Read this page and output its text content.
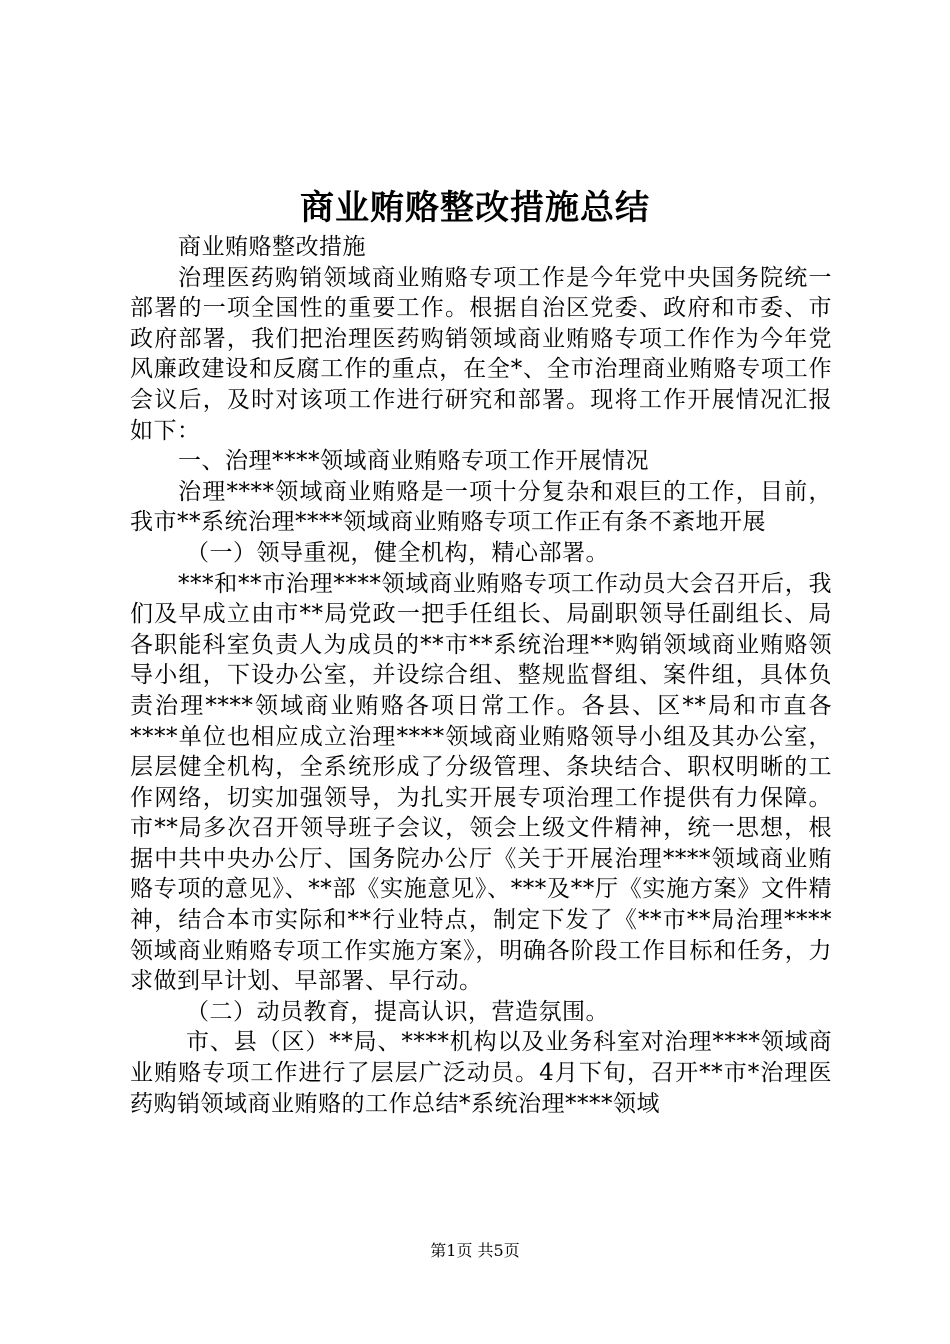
商业贿赂整改措施总结

商业贿赂整改措施

治理医药购销领域商业贿赂专项工作是今年党中央国务院统一部署的一项全国性的重要工作。根据自治区党委、政府和市委、市政府部署，我们把治理医药购销领域商业贿赂专项工作作为今年党风廉政建设和反腐工作的重点，在全*、全市治理商业贿赂专项工作会议后，及时对该项工作进行研究和部署。现将工作开展情况汇报如下：

一、治理****领域商业贿赂专项工作开展情况

治理****领域商业贿赂是一项十分复杂和艰巨的工作，目前，我市**系统治理****领域商业贿赂专项工作正有条不紊地开展

（一）领导重视，健全机构，精心部署。

***和**市治理****领域商业贿赂专项工作动员大会召开后，我们及早成立由市**局党政一把手任组长、局副职领导任副组长、局各职能科室负责人为成员的**市**系统治理**购销领域商业贿赂领导小组，下设办公室，并设综合组、整规监督组、案件组，具体负责治理****领域商业贿赂各项日常工作。各县、区**局和市直各****单位也相应成立治理****领域商业贿赂领导小组及其办公室，层层健全机构，全系统形成了分级管理、条块结合、职权明晰的工作网络，切实加强领导，为扎实开展专项治理工作提供有力保障。市**局多次召开领导班子会议，领会上级文件精神，统一思想，根据中共中央办公厅、国务院办公厅《关于开展治理****领域商业贿赂专项的意见》、**部《实施意见》、***及**厅《实施方案》文件精神，结合本市实际和**行业特点，制定下发了《**市**局治理****领域商业贿赂专项工作实施方案》，明确各阶段工作目标和任务，力求做到早计划、早部署、早行动。

（二）动员教育，提高认识，营造氛围。

市、县（区）**局、****机构以及业务科室对治理****领域商业贿赂专项工作进行了层层广泛动员。4月下旬，召开**市*治理医药购销领域商业贿赂的工作总结*系统治理****领域

第1页 共5页
